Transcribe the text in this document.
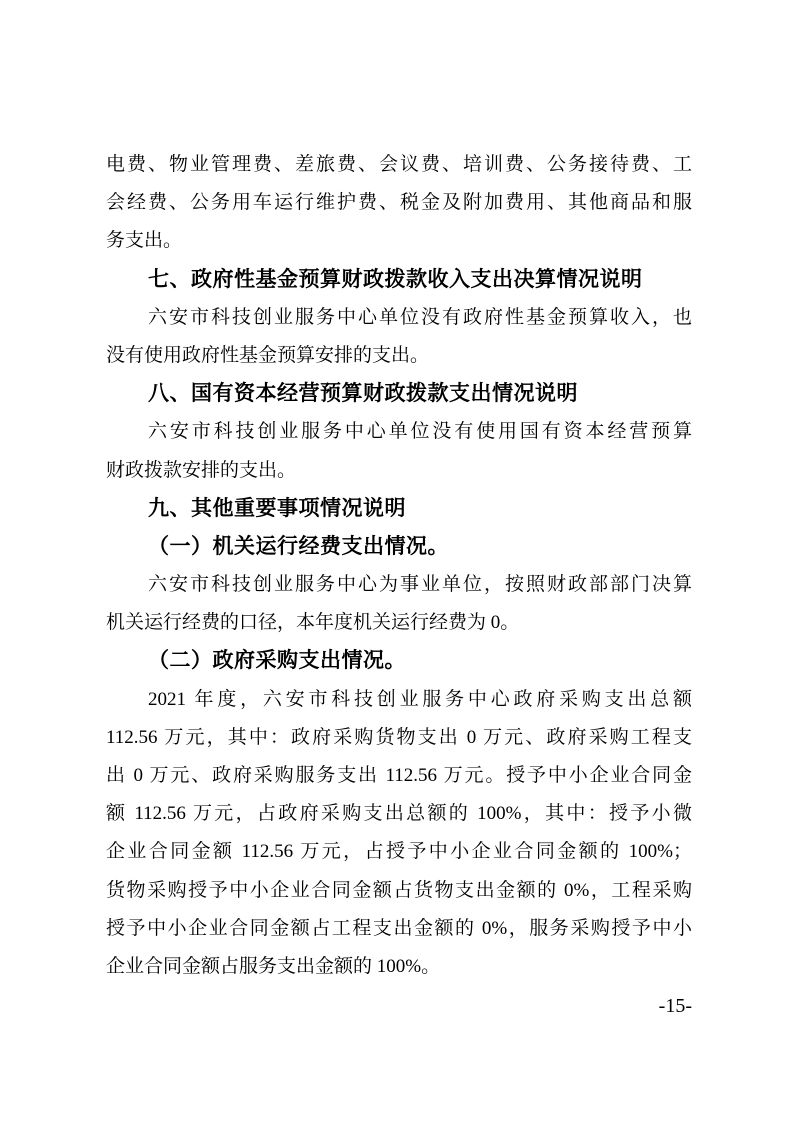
电费、物业管理费、差旅费、会议费、培训费、公务接待费、工
会经费、公务用车运行维护费、税金及附加费用、其他商品和服
务支出。
七、政府性基金预算财政拨款收入支出决算情况说明
六安市科技创业服务中心单位没有政府性基金预算收入，也
没有使用政府性基金预算安排的支出。
八、国有资本经营预算财政拨款支出情况说明
六安市科技创业服务中心单位没有使用国有资本经营预算
财政拨款安排的支出。
九、其他重要事项情况说明
（一）机关运行经费支出情况。
六安市科技创业服务中心为事业单位，按照财政部部门决算
机关运行经费的口径，本年度机关运行经费为 0。
（二）政府采购支出情况。
2021 年度，六安市科技创业服务中心政府采购支出总额
112.56 万元，其中：政府采购货物支出 0 万元、政府采购工程支
出 0 万元、政府采购服务支出 112.56 万元。授予中小企业合同金
额 112.56 万元，占政府采购支出总额的 100%，其中：授予小微
企业合同金额 112.56 万元，占授予中小企业合同金额的 100%；
货物采购授予中小企业合同金额占货物支出金额的 0%，工程采购
授予中小企业合同金额占工程支出金额的 0%，服务采购授予中小
企业合同金额占服务支出金额的 100%。
-15-
